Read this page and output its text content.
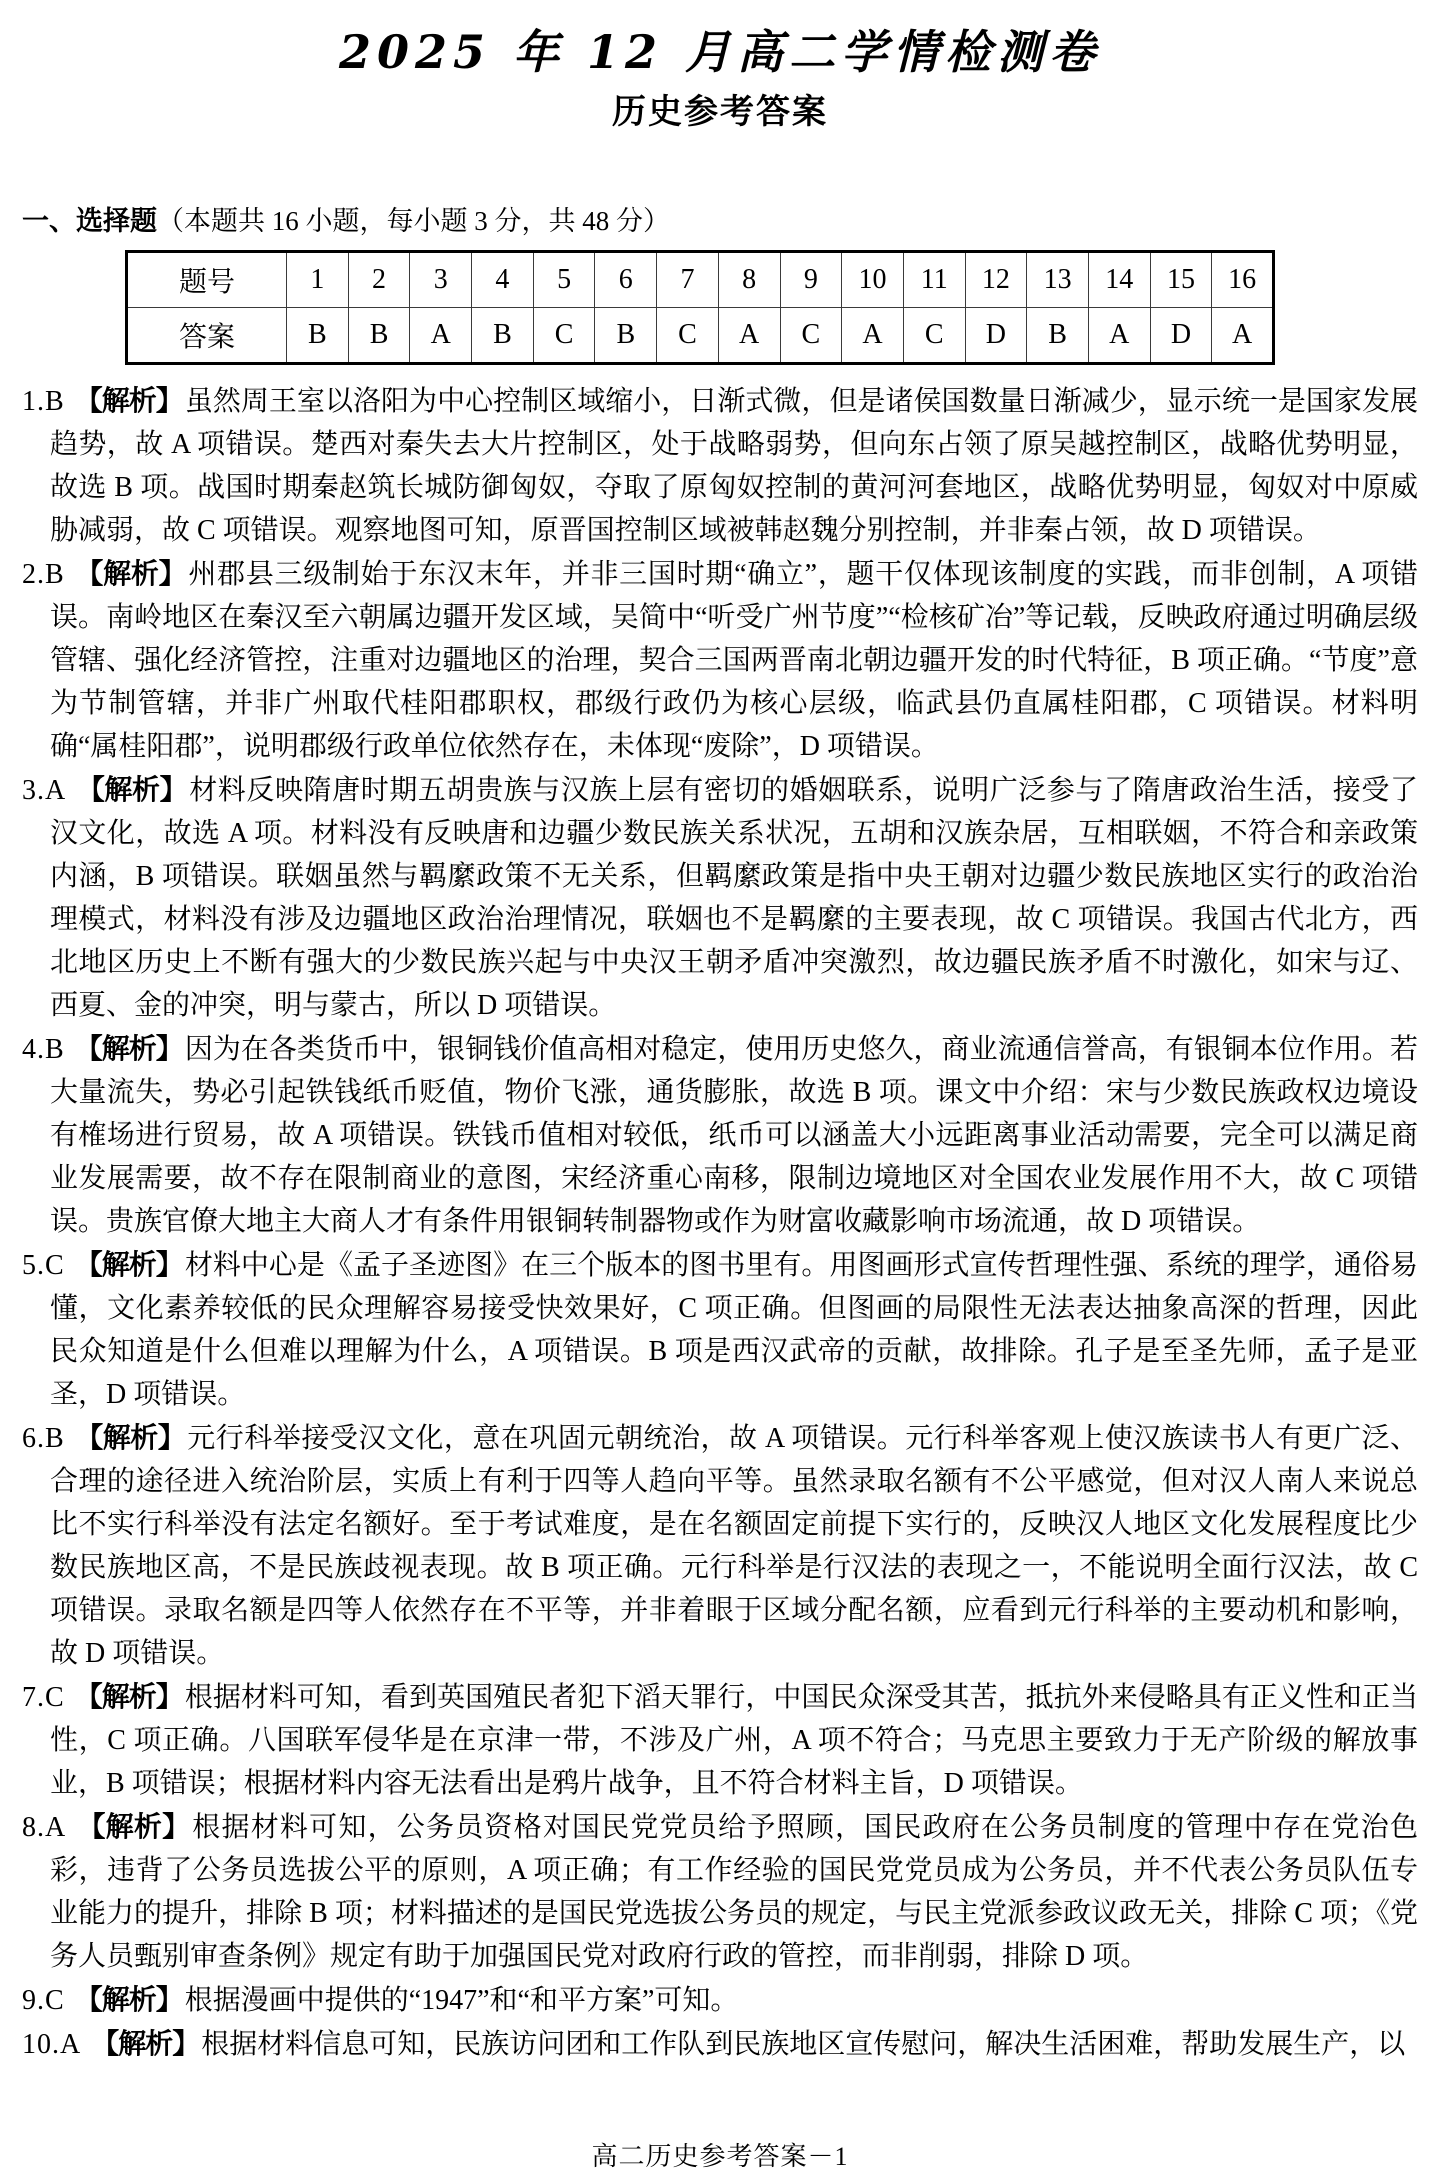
2025 年 12 月高二学情检测卷
历史参考答案
一、选择题（本题共 16 小题，每小题 3 分，共 48 分）
题号	1	2	3	4	5	6	7	8	9	10	11	12	13	14	15	16
答案	B	B	A	B	C	B	C	A	C	A	C	D	B	A	D	A
1.B 【解析】虽然周王室以洛阳为中心控制区域缩小，日渐式微，但是诸侯国数量日渐减少，显示统一是国家发展趋势，故 A 项错误。楚西对秦失去大片控制区，处于战略弱势，但向东占领了原吴越控制区，战略优势明显，故选 B 项。战国时期秦赵筑长城防御匈奴，夺取了原匈奴控制的黄河河套地区，战略优势明显，匈奴对中原威胁减弱，故 C 项错误。观察地图可知，原晋国控制区域被韩赵魏分别控制，并非秦占领，故 D 项错误。
2.B 【解析】州郡县三级制始于东汉末年，并非三国时期“确立”，题干仅体现该制度的实践，而非创制，A 项错误。南岭地区在秦汉至六朝属边疆开发区域，吴简中“听受广州节度”“检核矿冶”等记载，反映政府通过明确层级管辖、强化经济管控，注重对边疆地区的治理，契合三国两晋南北朝边疆开发的时代特征，B 项正确。“节度”意为节制管辖，并非广州取代桂阳郡职权，郡级行政仍为核心层级，临武县仍直属桂阳郡，C 项错误。材料明确“属桂阳郡”，说明郡级行政单位依然存在，未体现“废除”，D 项错误。
3.A 【解析】材料反映隋唐时期五胡贵族与汉族上层有密切的婚姻联系，说明广泛参与了隋唐政治生活，接受了汉文化，故选 A 项。材料没有反映唐和边疆少数民族关系状况，五胡和汉族杂居，互相联姻，不符合和亲政策内涵，B 项错误。联姻虽然与羁縻政策不无关系，但羁縻政策是指中央王朝对边疆少数民族地区实行的政治治理模式，材料没有涉及边疆地区政治治理情况，联姻也不是羁縻的主要表现，故 C 项错误。我国古代北方，西北地区历史上不断有强大的少数民族兴起与中央汉王朝矛盾冲突激烈，故边疆民族矛盾不时激化，如宋与辽、西夏、金的冲突，明与蒙古，所以 D 项错误。
4.B 【解析】因为在各类货币中，银铜钱价值高相对稳定，使用历史悠久，商业流通信誉高，有银铜本位作用。若大量流失，势必引起铁钱纸币贬值，物价飞涨，通货膨胀，故选 B 项。课文中介绍：宋与少数民族政权边境设有榷场进行贸易，故 A 项错误。铁钱币值相对较低，纸币可以涵盖大小远距离事业活动需要，完全可以满足商业发展需要，故不存在限制商业的意图，宋经济重心南移，限制边境地区对全国农业发展作用不大，故 C 项错误。贵族官僚大地主大商人才有条件用银铜转制器物或作为财富收藏影响市场流通，故 D 项错误。
5.C 【解析】材料中心是《孟子圣迹图》在三个版本的图书里有。用图画形式宣传哲理性强、系统的理学，通俗易懂，文化素养较低的民众理解容易接受快效果好，C 项正确。但图画的局限性无法表达抽象高深的哲理，因此民众知道是什么但难以理解为什么，A 项错误。B 项是西汉武帝的贡献，故排除。孔子是至圣先师，孟子是亚圣，D 项错误。
6.B 【解析】元行科举接受汉文化，意在巩固元朝统治，故 A 项错误。元行科举客观上使汉族读书人有更广泛、合理的途径进入统治阶层，实质上有利于四等人趋向平等。虽然录取名额有不公平感觉，但对汉人南人来说总比不实行科举没有法定名额好。至于考试难度，是在名额固定前提下实行的，反映汉人地区文化发展程度比少数民族地区高，不是民族歧视表现。故 B 项正确。元行科举是行汉法的表现之一，不能说明全面行汉法，故 C 项错误。录取名额是四等人依然存在不平等，并非着眼于区域分配名额，应看到元行科举的主要动机和影响，故 D 项错误。
7.C 【解析】根据材料可知，看到英国殖民者犯下滔天罪行，中国民众深受其苦，抵抗外来侵略具有正义性和正当性，C 项正确。八国联军侵华是在京津一带，不涉及广州，A 项不符合；马克思主要致力于无产阶级的解放事业，B 项错误；根据材料内容无法看出是鸦片战争，且不符合材料主旨，D 项错误。
8.A 【解析】根据材料可知，公务员资格对国民党党员给予照顾，国民政府在公务员制度的管理中存在党治色彩，违背了公务员选拔公平的原则，A 项正确；有工作经验的国民党党员成为公务员，并不代表公务员队伍专业能力的提升，排除 B 项；材料描述的是国民党选拔公务员的规定，与民主党派参政议政无关，排除 C 项；《党务人员甄别审查条例》规定有助于加强国民党对政府行政的管控，而非削弱，排除 D 项。
9.C 【解析】根据漫画中提供的“1947”和“和平方案”可知。
10.A 【解析】根据材料信息可知，民族访问团和工作队到民族地区宣传慰问，解决生活困难，帮助发展生产，以
高二历史参考答案－1
